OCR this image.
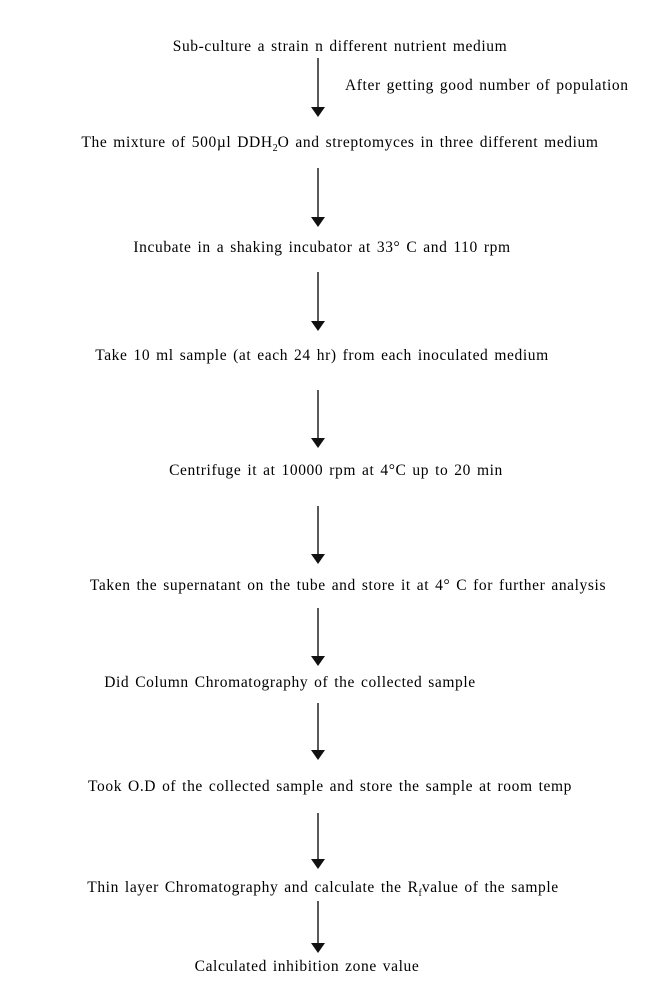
Sub-culture a strain n different nutrient medium
After getting good number of population
The mixture of 500µl $DDH_2O$ and streptomyces in three different medium
Incubate in a shaking incubator at 33° C and 110 rpm
Take 10 ml sample (at each 24 hr) from each inoculated medium
Centrifuge it at 10000 rpm at 4°C up to 20 min
Taken the supernatant on the tube and store it at 4° C for further analysis
Did Column Chromatography of the collected sample
Took O.D of the collected sample and store the sample at room temp
Thin layer Chromatography and calculate the $R_fvalue$ of the sample
Calculated inhibition zone value
